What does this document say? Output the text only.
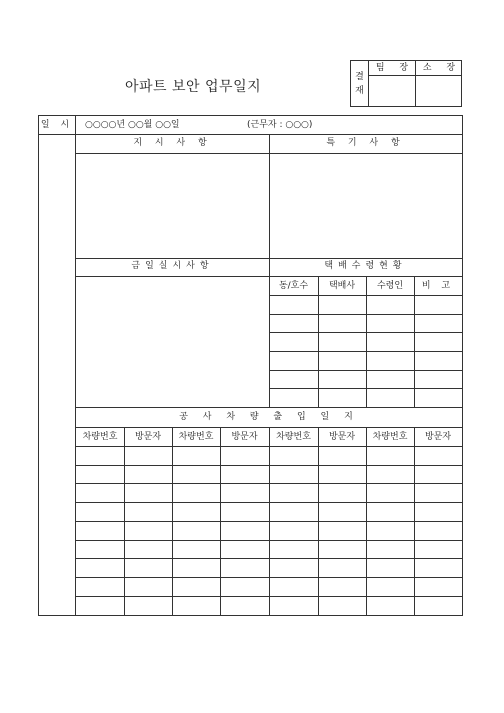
아파트 보안 업무일지
결
재
팀 장 소 장
일 시	○○○○년 ○○월 ○○일	(근무자 : ○○○)
지 시 사 항	특 기 사 항
금일실시사항	택배수령현황
동/호수	택배사	수령인	비 고
공 사 차 량 출 입 일 지
차량번호	방문자	차량번호	방문자	차량번호	방문자	차량번호	방문자
